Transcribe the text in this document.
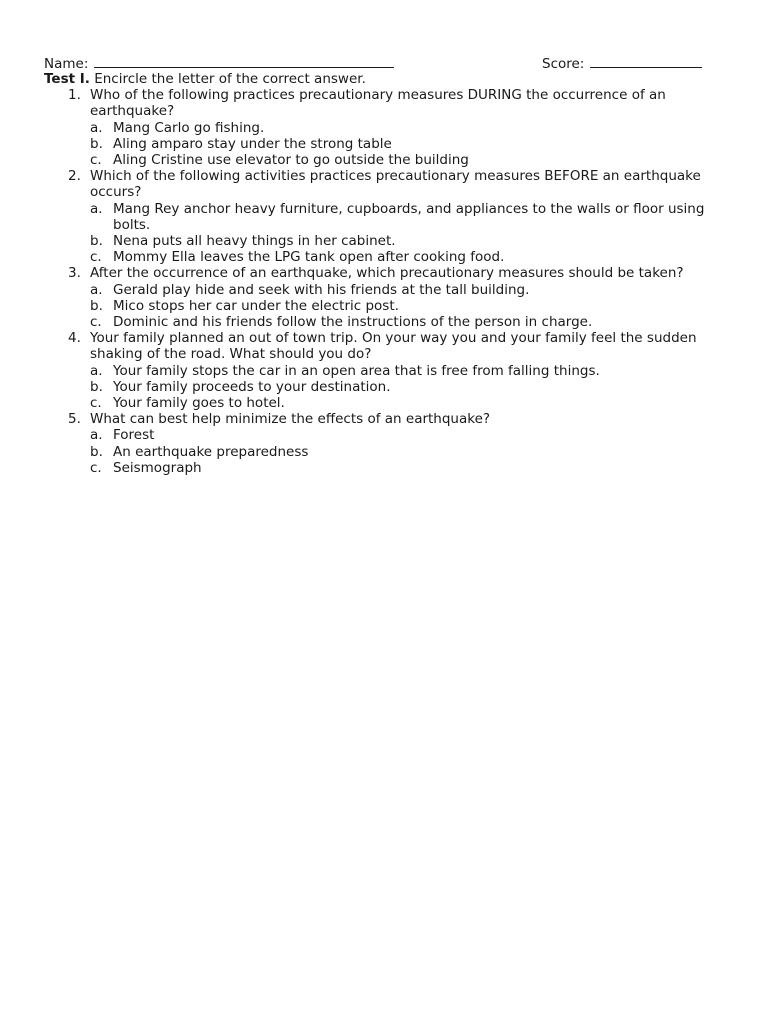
Name:	Score:
Test I. Encircle the letter of the correct answer.
1. Who of the following practices precautionary measures DURING the occurrence of an earthquake?
a. Mang Carlo go fishing.
b. Aling amparo stay under the strong table
c. Aling Cristine use elevator to go outside the building
2. Which of the following activities practices precautionary measures BEFORE an earthquake occurs?
a. Mang Rey anchor heavy furniture, cupboards, and appliances to the walls or floor using bolts.
b. Nena puts all heavy things in her cabinet.
c. Mommy Ella leaves the LPG tank open after cooking food.
3. After the occurrence of an earthquake, which precautionary measures should be taken?
a. Gerald play hide and seek with his friends at the tall building.
b. Mico stops her car under the electric post.
c. Dominic and his friends follow the instructions of the person in charge.
4. Your family planned an out of town trip. On your way you and your family feel the sudden shaking of the road. What should you do?
a. Your family stops the car in an open area that is free from falling things.
b. Your family proceeds to your destination.
c. Your family goes to hotel.
5. What can best help minimize the effects of an earthquake?
a. Forest
b. An earthquake preparedness
c. Seismograph
